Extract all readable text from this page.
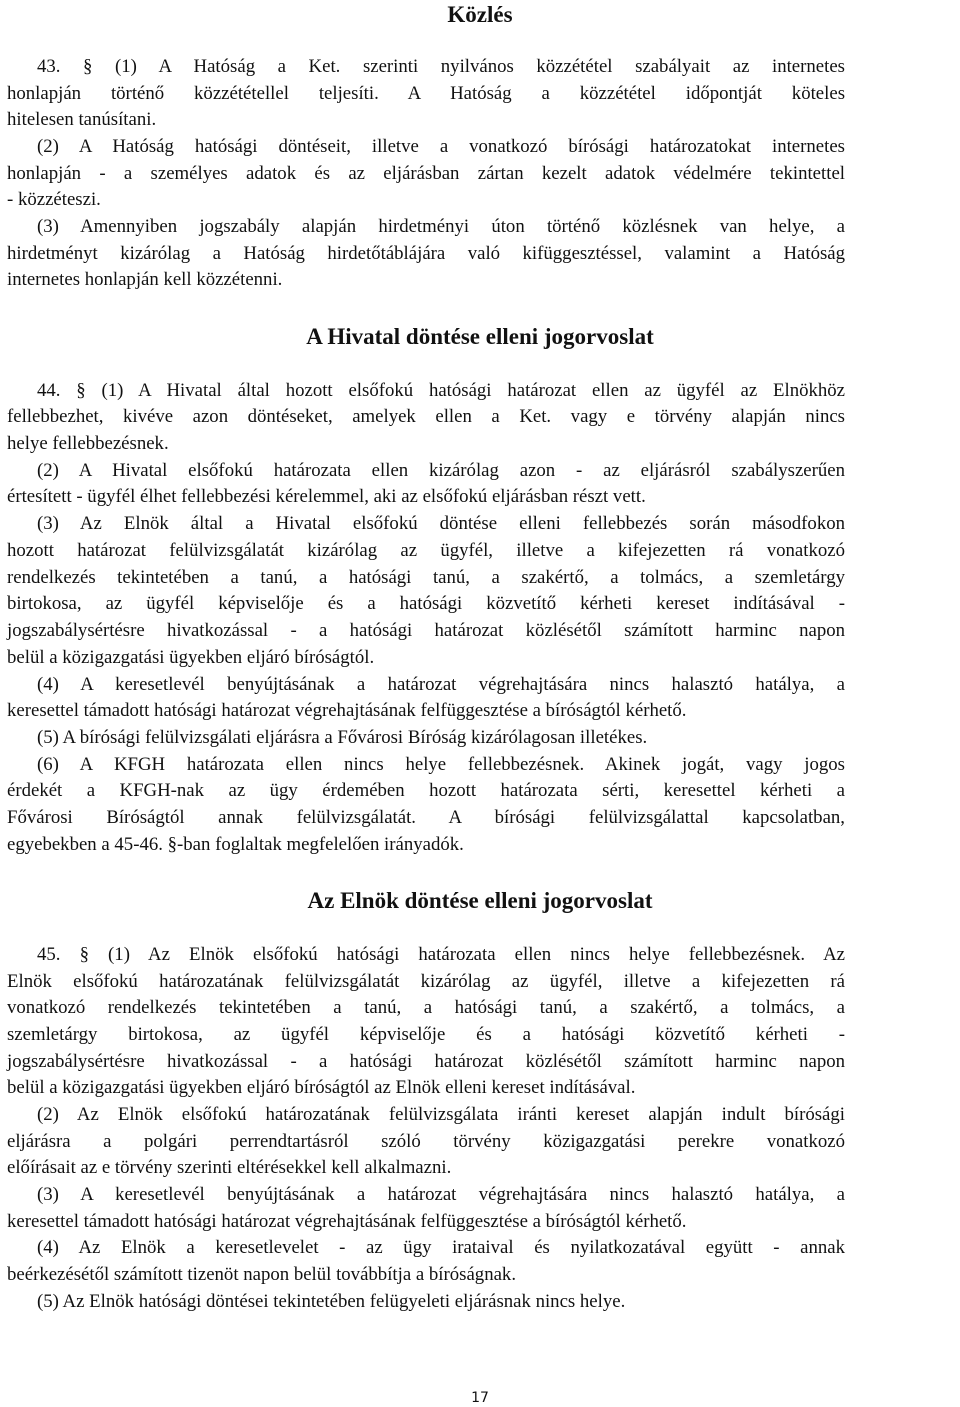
Közlés
43. § (1) A Hatóság a Ket. szerinti nyilvános közzététel szabályait az internetes
honlapján történő közzététellel teljesíti. A Hatóság a közzététel időpontját köteles
hitelesen tanúsítani.
(2) A Hatóság hatósági döntéseit, illetve a vonatkozó bírósági határozatokat internetes
honlapján - a személyes adatok és az eljárásban zártan kezelt adatok védelmére tekintettel
- közzéteszi.
(3) Amennyiben jogszabály alapján hirdetményi úton történő közlésnek van helye, a
hirdetményt kizárólag a Hatóság hirdetőtáblájára való kifüggesztéssel, valamint a Hatóság
internetes honlapján kell közzétenni.
A Hivatal döntése elleni jogorvoslat
44. § (1) A Hivatal által hozott elsőfokú hatósági határozat ellen az ügyfél az Elnökhöz
fellebbezhet, kivéve azon döntéseket, amelyek ellen a Ket. vagy e törvény alapján nincs
helye fellebbezésnek.
(2) A Hivatal elsőfokú határozata ellen kizárólag azon - az eljárásról szabályszerűen
értesített - ügyfél élhet fellebbezési kérelemmel, aki az elsőfokú eljárásban részt vett.
(3) Az Elnök által a Hivatal elsőfokú döntése elleni fellebbezés során másodfokon
hozott határozat felülvizsgálatát kizárólag az ügyfél, illetve a kifejezetten rá vonatkozó
rendelkezés tekintetében a tanú, a hatósági tanú, a szakértő, a tolmács, a szemletárgy
birtokosa, az ügyfél képviselője és a hatósági közvetítő kérheti kereset indításával -
jogszabálysértésre hivatkozással - a hatósági határozat közlésétől számított harminc napon
belül a közigazgatási ügyekben eljáró bíróságtól.
(4) A keresetlevél benyújtásának a határozat végrehajtására nincs halasztó hatálya, a
keresettel támadott hatósági határozat végrehajtásának felfüggesztése a bíróságtól kérhető.
(5) A bírósági felülvizsgálati eljárásra a Fővárosi Bíróság kizárólagosan illetékes.
(6) A KFGH határozata ellen nincs helye fellebbezésnek. Akinek jogát, vagy jogos
érdekét a KFGH-nak az ügy érdemében hozott határozata sérti, keresettel kérheti a
Fővárosi Bíróságtól annak felülvizsgálatát. A bírósági felülvizsgálattal kapcsolatban,
egyebekben a 45-46. §-ban foglaltak megfelelően irányadók.
Az Elnök döntése elleni jogorvoslat
45. § (1) Az Elnök elsőfokú hatósági határozata ellen nincs helye fellebbezésnek. Az
Elnök elsőfokú határozatának felülvizsgálatát kizárólag az ügyfél, illetve a kifejezetten rá
vonatkozó rendelkezés tekintetében a tanú, a hatósági tanú, a szakértő, a tolmács, a
szemletárgy birtokosa, az ügyfél képviselője és a hatósági közvetítő kérheti -
jogszabálysértésre hivatkozással - a hatósági határozat közlésétől számított harminc napon
belül a közigazgatási ügyekben eljáró bíróságtól az Elnök elleni kereset indításával.
(2) Az Elnök elsőfokú határozatának felülvizsgálata iránti kereset alapján indult bírósági
eljárásra a polgári perrendtartásról szóló törvény közigazgatási perekre vonatkozó
előírásait az e törvény szerinti eltérésekkel kell alkalmazni.
(3) A keresetlevél benyújtásának a határozat végrehajtására nincs halasztó hatálya, a
keresettel támadott hatósági határozat végrehajtásának felfüggesztése a bíróságtól kérhető.
(4) Az Elnök a keresetlevelet - az ügy irataival és nyilatkozatával együtt - annak
beérkezésétől számított tizenöt napon belül továbbítja a bíróságnak.
(5) Az Elnök hatósági döntései tekintetében felügyeleti eljárásnak nincs helye.
17
